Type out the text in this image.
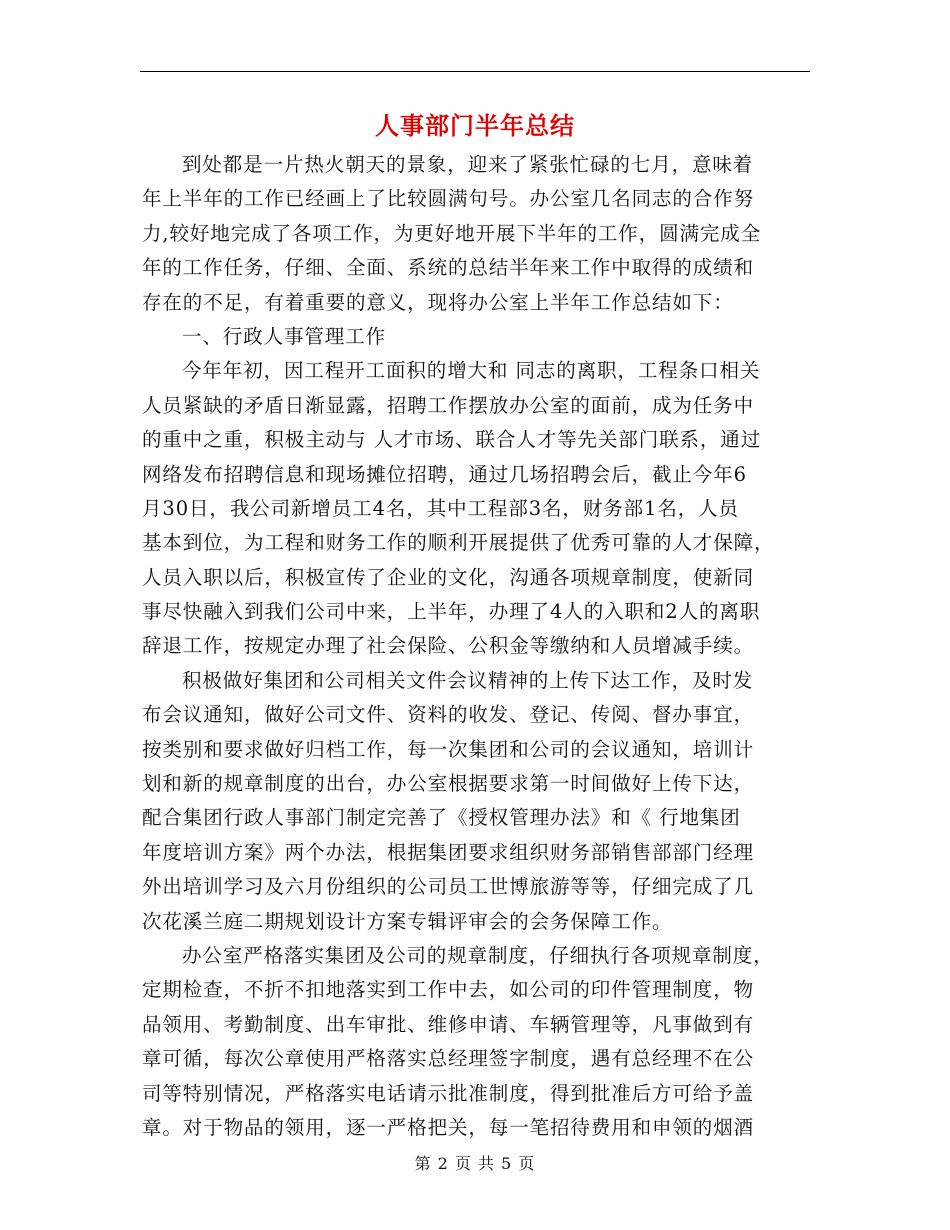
人事部门半年总结
到处都是一片热火朝天的景象，迎来了紧张忙碌的七月，意味着
年上半年的工作已经画上了比较圆满句号。办公室几名同志的合作努
力,较好地完成了各项工作，为更好地开展下半年的工作，圆满完成全
年的工作任务，仔细、全面、系统的总结半年来工作中取得的成绩和
存在的不足，有着重要的意义，现将办公室上半年工作总结如下：
一、行政人事管理工作
今年年初，因工程开工面积的增大和 同志的离职，工程条口相关
人员紧缺的矛盾日渐显露，招聘工作摆放办公室的面前，成为任务中
的重中之重，积极主动与 人才市场、联合人才等先关部门联系，通过
网络发布招聘信息和现场摊位招聘，通过几场招聘会后，截止今年6
月30日，我公司新增员工4名，其中工程部3名，财务部1名，人员
基本到位，为工程和财务工作的顺利开展提供了优秀可靠的人才保障，
人员入职以后，积极宣传了企业的文化，沟通各项规章制度，使新同
事尽快融入到我们公司中来，上半年，办理了4人的入职和2人的离职
辞退工作，按规定办理了社会保险、公积金等缴纳和人员增减手续。
积极做好集团和公司相关文件会议精神的上传下达工作，及时发
布会议通知，做好公司文件、资料的收发、登记、传阅、督办事宜，
按类别和要求做好归档工作，每一次集团和公司的会议通知，培训计
划和新的规章制度的出台，办公室根据要求第一时间做好上传下达，
配合集团行政人事部门制定完善了《授权管理办法》和《 行地集团
年度培训方案》两个办法，根据集团要求组织财务部销售部部门经理
外出培训学习及六月份组织的公司员工世博旅游等等，仔细完成了几
次花溪兰庭二期规划设计方案专辑评审会的会务保障工作。
办公室严格落实集团及公司的规章制度，仔细执行各项规章制度，
定期检查，不折不扣地落实到工作中去，如公司的印件管理制度，物
品领用、考勤制度、出车审批、维修申请、车辆管理等，凡事做到有
章可循，每次公章使用严格落实总经理签字制度，遇有总经理不在公
司等特别情况，严格落实电话请示批准制度，得到批准后方可给予盖
章。对于物品的领用，逐一严格把关，每一笔招待费用和申领的烟酒
第 2 页 共 5 页
